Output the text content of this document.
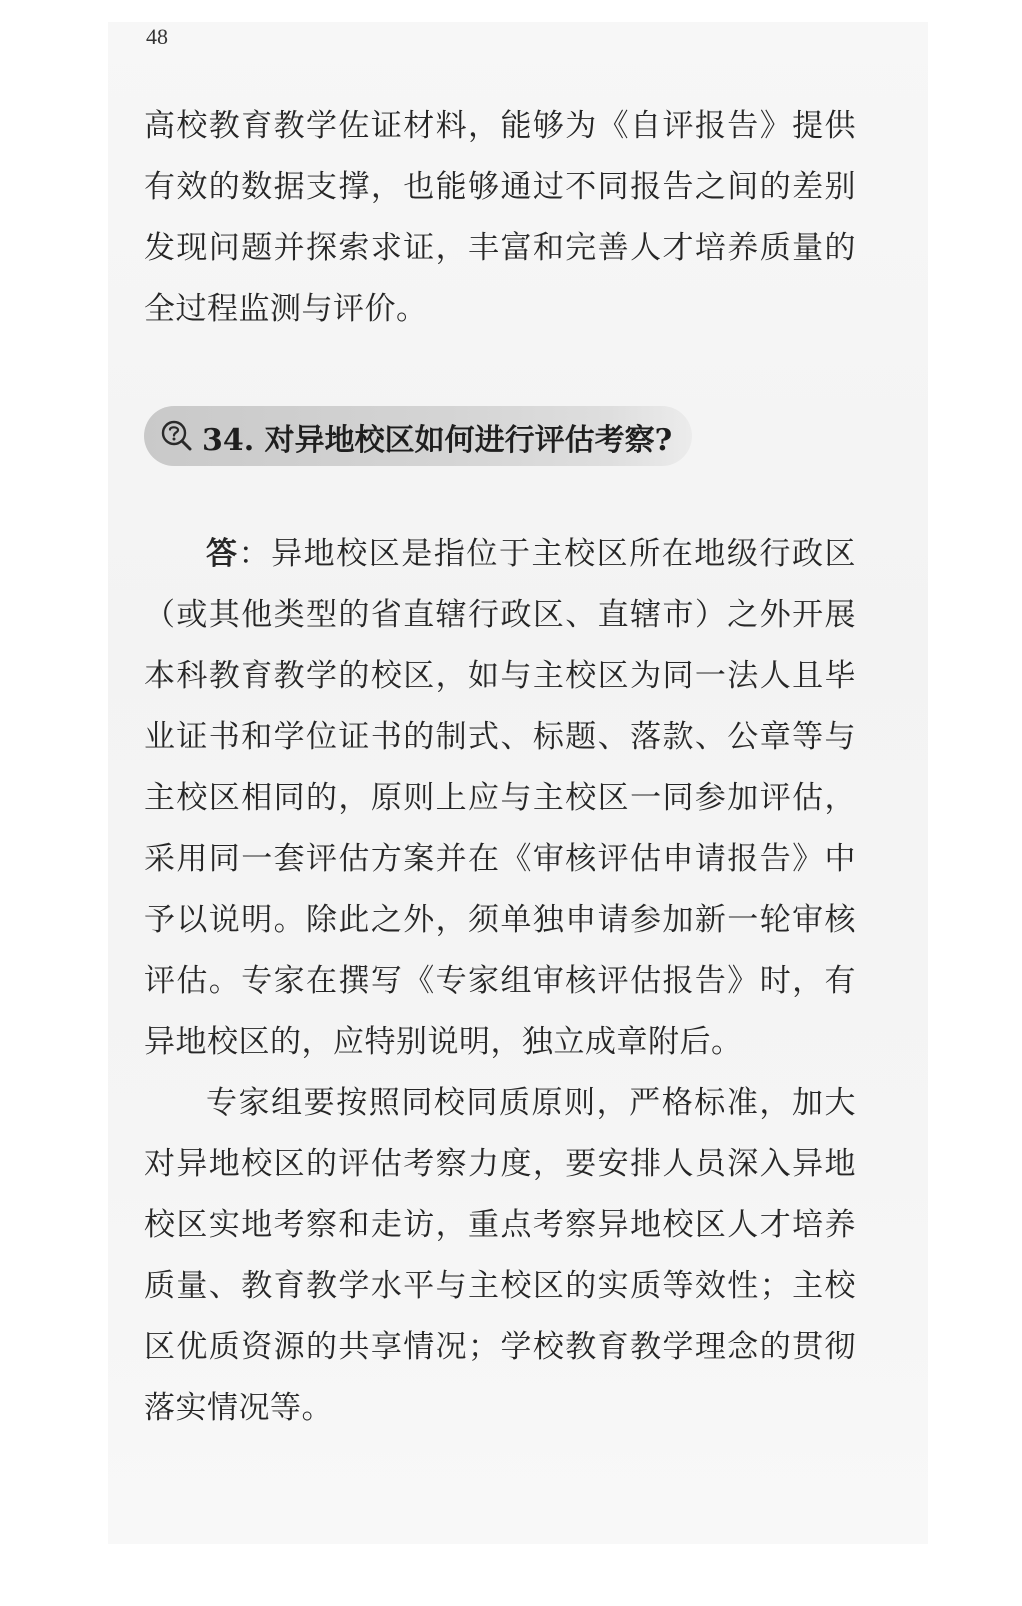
48
高校教育教学佐证材料，能够为《自评报告》提供有效的数据支撑，也能够通过不同报告之间的差别发现问题并探索求证，丰富和完善人才培养质量的全过程监测与评价。
34. 对异地校区如何进行评估考察?

答：异地校区是指位于主校区所在地级行政区（或其他类型的省直辖行政区、直辖市）之外开展本科教育教学的校区，如与主校区为同一法人且毕业证书和学位证书的制式、标题、落款、公章等与主校区相同的，原则上应与主校区一同参加评估，采用同一套评估方案并在《审核评估申请报告》中予以说明。除此之外，须单独申请参加新一轮审核评估。专家在撰写《专家组审核评估报告》时，有异地校区的，应特别说明，独立成章附后。

专家组要按照同校同质原则，严格标准，加大对异地校区的评估考察力度，要安排人员深入异地校区实地考察和走访，重点考察异地校区人才培养质量、教育教学水平与主校区的实质等效性；主校区优质资源的共享情况；学校教育教学理念的贯彻落实情况等。
